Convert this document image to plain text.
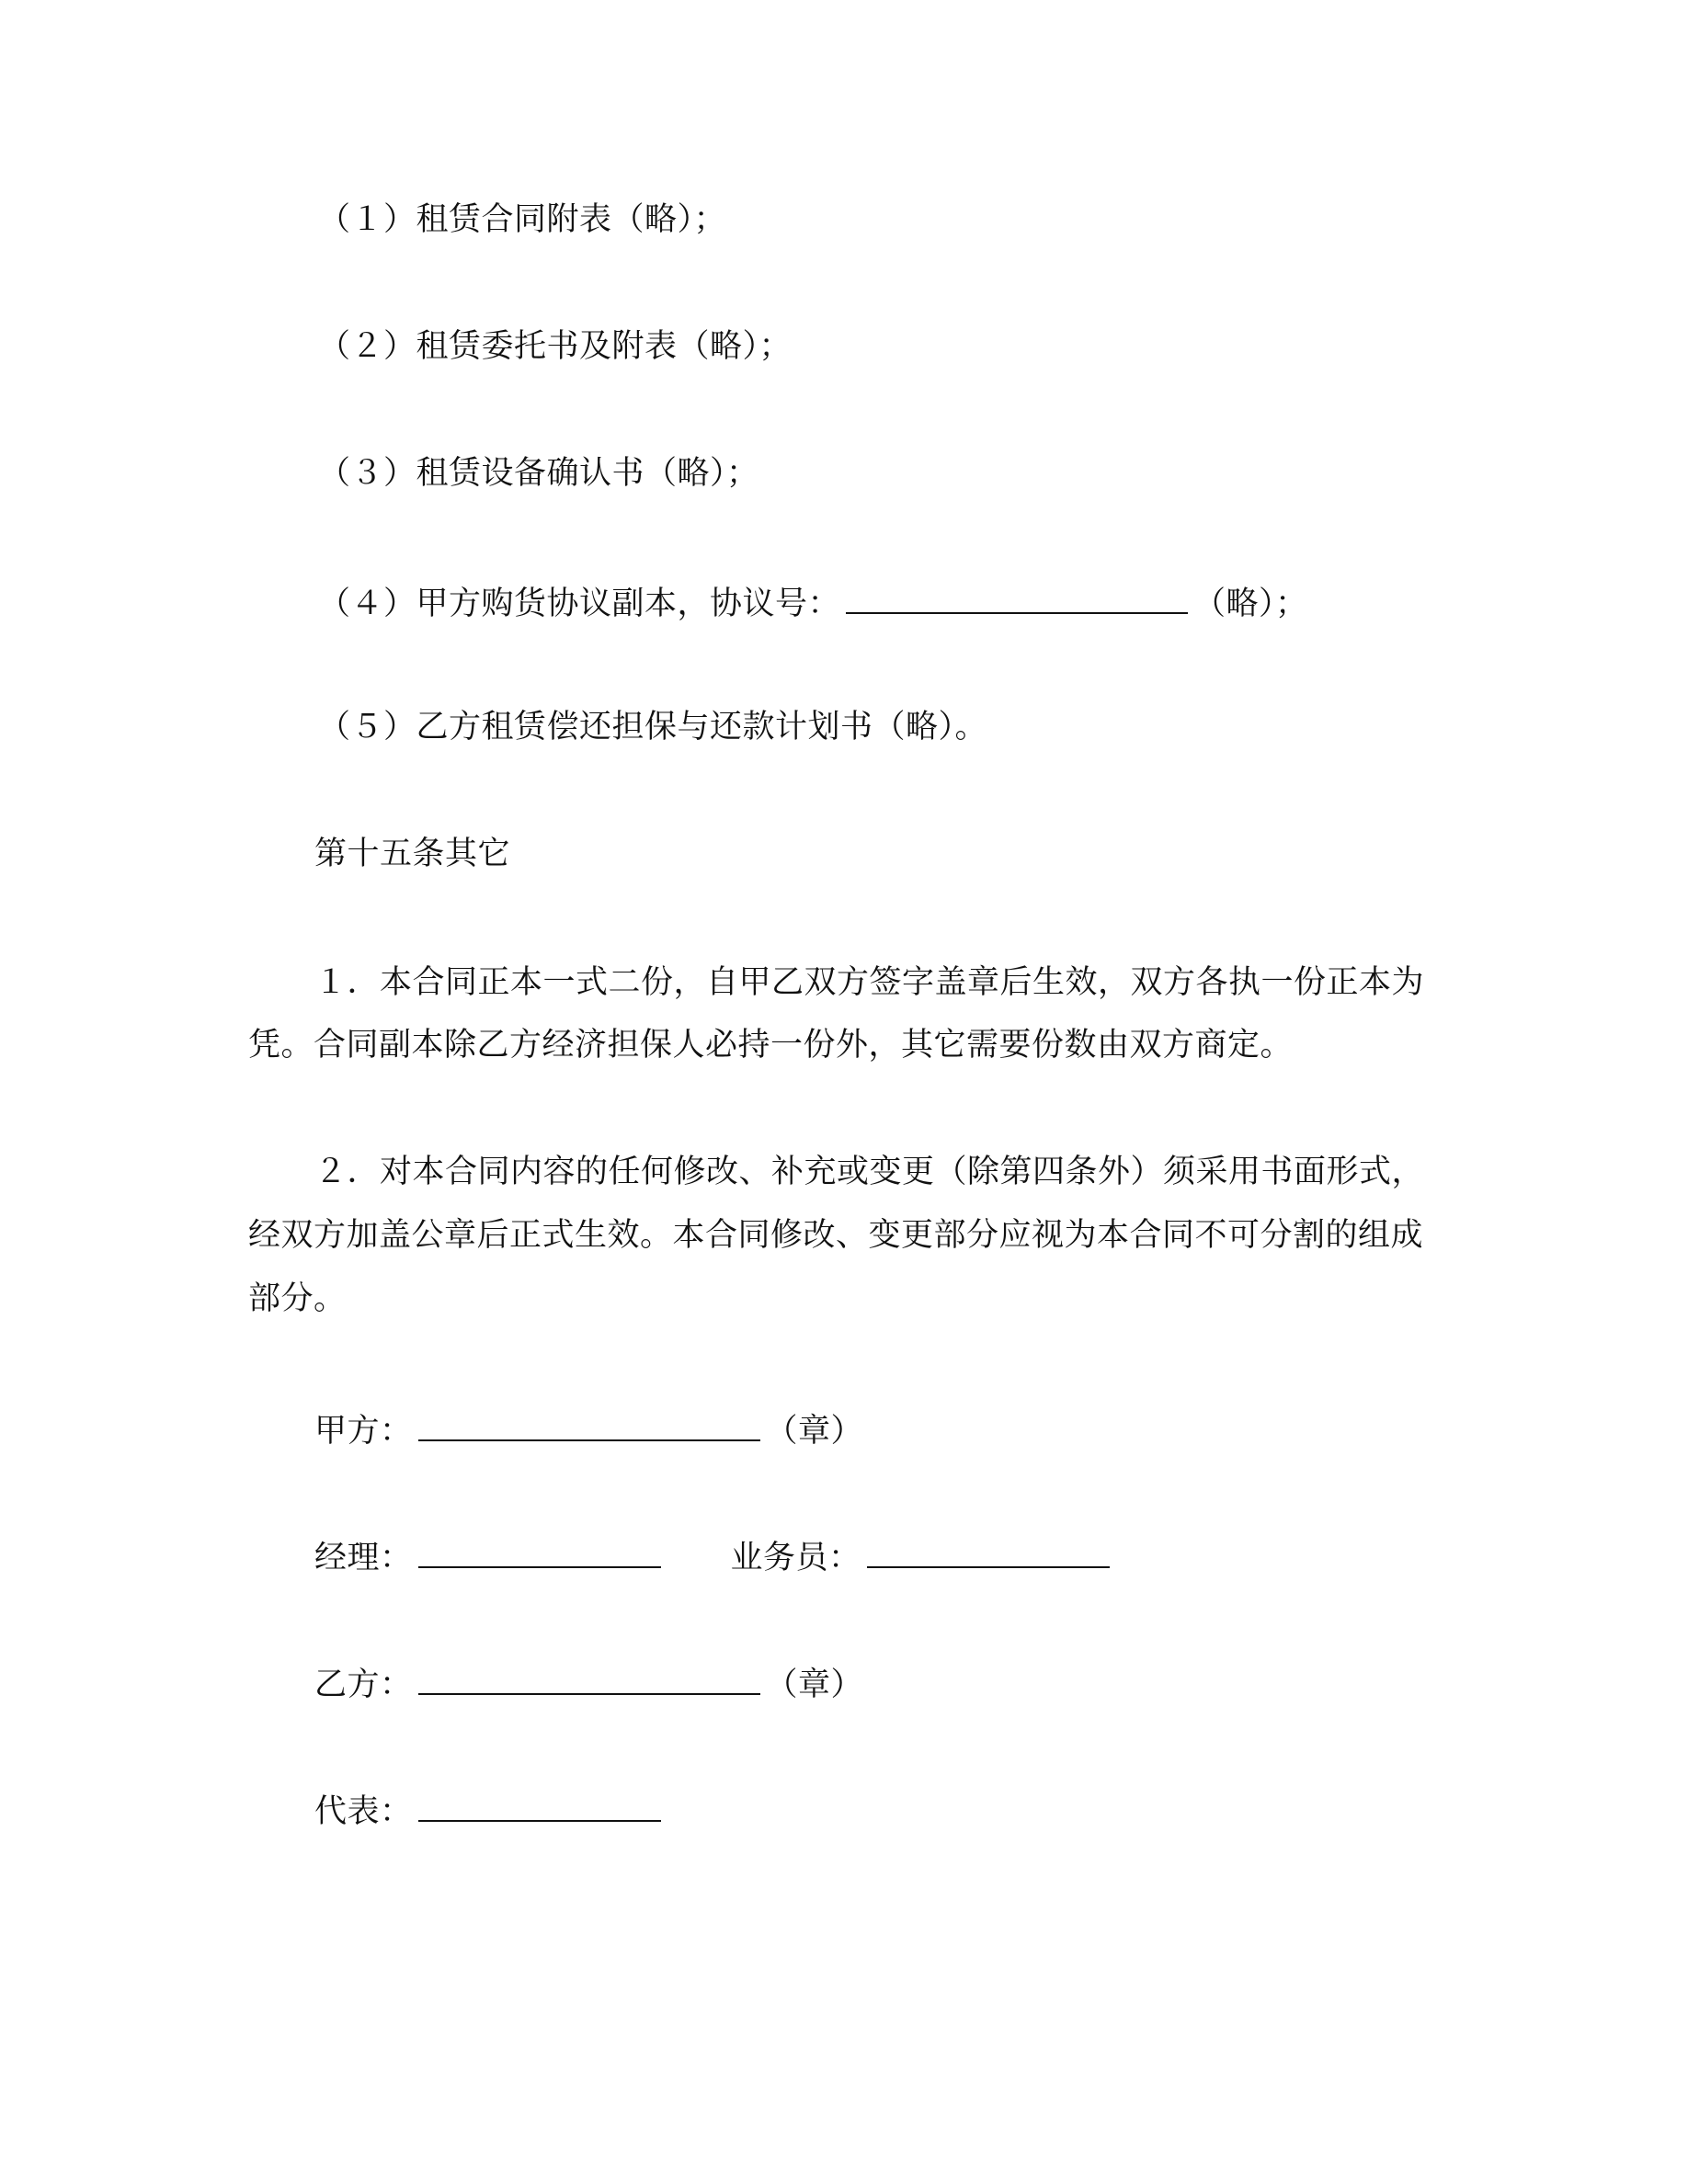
（１）租赁合同附表（略）；
（２）租赁委托书及附表（略）；
（３）租赁设备确认书（略）；
（４）甲方购货协议副本，协议号：	（略）；
（５）乙方租赁偿还担保与还款计划书（略）。
第十五条其它
１．本合同正本一式二份，自甲乙双方签字盖章后生效，双方各执一份正本为
凭。合同副本除乙方经济担保人必持一份外，其它需要份数由双方商定。
２．对本合同内容的任何修改、补充或变更（除第四条外）须采用书面形式，
经双方加盖公章后正式生效。本合同修改、变更部分应视为本合同不可分割的组成
部分。
甲方：	（章）
经理：	业务员：
乙方：	（章）
代表：
